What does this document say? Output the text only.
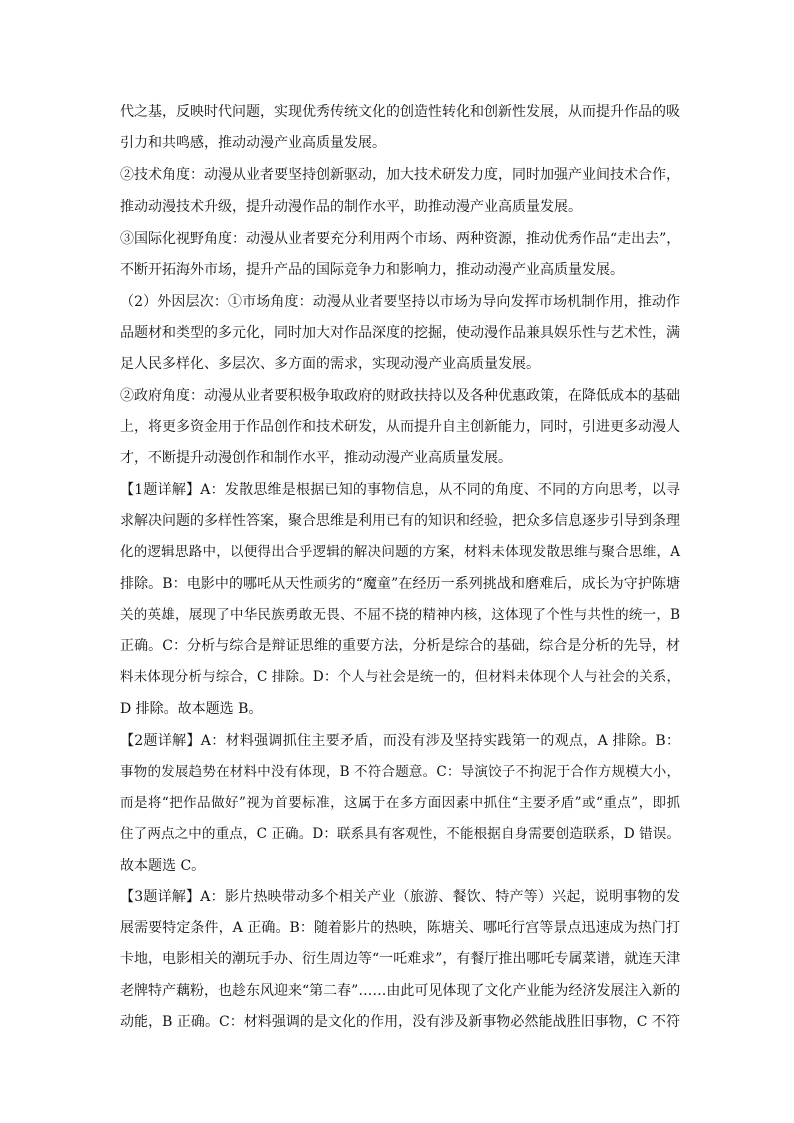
代之基，反映时代问题，实现优秀传统文化的创造性转化和创新性发展，从而提升作品的吸
引力和共鸣感，推动动漫产业高质量发展。
②技术角度：动漫从业者要坚持创新驱动，加大技术研发力度，同时加强产业间技术合作，
推动动漫技术升级，提升动漫作品的制作水平，助推动漫产业高质量发展。
③国际化视野角度：动漫从业者要充分利用两个市场、两种资源，推动优秀作品“走出去”，
不断开拓海外市场，提升产品的国际竞争力和影响力，推动动漫产业高质量发展。
（2）外因层次：①市场角度：动漫从业者要坚持以市场为导向发挥市场机制作用，推动作
品题材和类型的多元化，同时加大对作品深度的挖掘，使动漫作品兼具娱乐性与艺术性，满
足人民多样化、多层次、多方面的需求，实现动漫产业高质量发展。
②政府角度：动漫从业者要积极争取政府的财政扶持以及各种优惠政策，在降低成本的基础
上，将更多资金用于作品创作和技术研发，从而提升自主创新能力，同时，引进更多动漫人
才，不断提升动漫创作和制作水平，推动动漫产业高质量发展。
【1题详解】A：发散思维是根据已知的事物信息，从不同的角度、不同的方向思考，以寻
求解决问题的多样性答案，聚合思维是利用已有的知识和经验，把众多信息逐步引导到条理
化的逻辑思路中，以便得出合乎逻辑的解决问题的方案，材料未体现发散思维与聚合思维，A
排除。B：电影中的哪吒从天性顽劣的“魔童”在经历一系列挑战和磨难后，成长为守护陈塘
关的英雄，展现了中华民族勇敢无畏、不屈不挠的精神内核，这体现了个性与共性的统一，B
正确。C：分析与综合是辩证思维的重要方法，分析是综合的基础，综合是分析的先导，材
料未体现分析与综合，C 排除。D：个人与社会是统一的，但材料未体现个人与社会的关系，
D 排除。故本题选 B。
【2题详解】A：材料强调抓住主要矛盾，而没有涉及坚持实践第一的观点，A 排除。B：
事物的发展趋势在材料中没有体现，B 不符合题意。C：导演饺子不拘泥于合作方规模大小，
而是将“把作品做好”视为首要标准，这属于在多方面因素中抓住“主要矛盾”或“重点”，即抓
住了两点之中的重点，C 正确。D：联系具有客观性，不能根据自身需要创造联系，D 错误。
故本题选 C。
【3题详解】A：影片热映带动多个相关产业（旅游、餐饮、特产等）兴起，说明事物的发
展需要特定条件，A 正确。B：随着影片的热映，陈塘关、哪吒行宫等景点迅速成为热门打
卡地，电影相关的潮玩手办、衍生周边等“一吒难求”，有餐厅推出哪吒专属菜谱，就连天津
老牌特产藕粉，也趁东风迎来“第二春”……由此可见体现了文化产业能为经济发展注入新的
动能，B 正确。C：材料强调的是文化的作用，没有涉及新事物必然能战胜旧事物，C 不符
